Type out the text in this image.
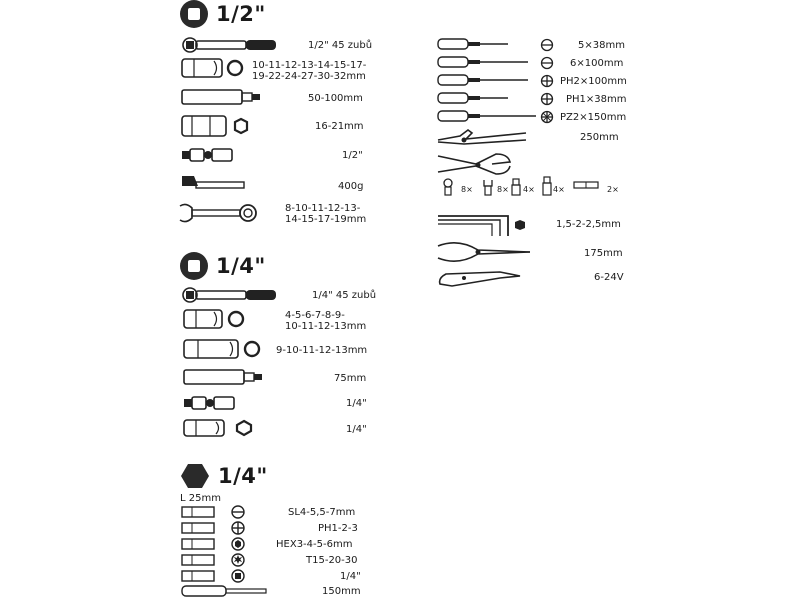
1/2"
1/2" 45 zubů
10-11-12-13-14-15-17-
19-22-24-27-30-32mm
50-100mm
16-21mm
1/2"
400g
8-10-11-12-13-
14-15-17-19mm
1/4"
1/4" 45 zubů
4-5-6-7-8-9-
10-11-12-13mm
9-10-11-12-13mm
75mm
1/4"
1/4"
1/4"
L 25mm
SL4-5,5-7mm
PH1-2-3
HEX3-4-5-6mm
T15-20-30
1/4"
150mm
5×38mm
6×100mm
PH2×100mm
PH1×38mm
PZ2×150mm
250mm
8×	8× 4× 4×	2×
1,5-2-2,5mm
175mm
6-24V
